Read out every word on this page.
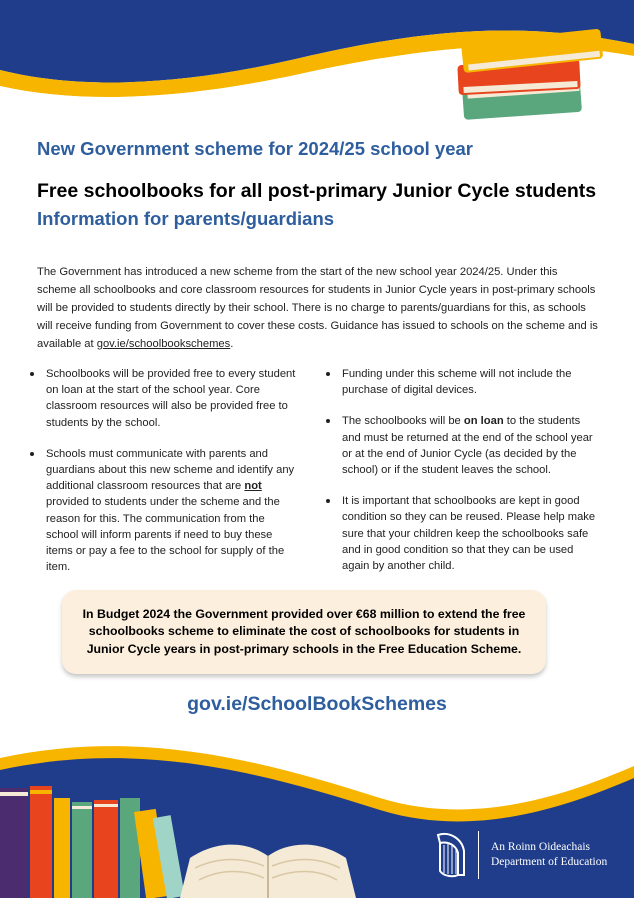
New Government scheme for 2024/25 school year
Free schoolbooks for all post-primary Junior Cycle students
Information for parents/guardians

The Government has introduced a new scheme from the start of the new school year 2024/25. Under this scheme all schoolbooks and core classroom resources for students in Junior Cycle years in post-primary schools will be provided to students directly by their school. There is no charge to parents/guardians for this, as schools will receive funding from Government to cover these costs. Guidance has issued to schools on the scheme and is available at gov.ie/schoolbookschemes.

Schoolbooks will be provided free to every student on loan at the start of the school year. Core classroom resources will also be provided free to students by the school.
Schools must communicate with parents and guardians about this new scheme and identify any additional classroom resources that are not provided to students under the scheme and the reason for this. The communication from the school will inform parents if need to buy these items or pay a fee to the school for supply of the item.
Funding under this scheme will not include the purchase of digital devices.
The schoolbooks will be on loan to the students and must be returned at the end of the school year or at the end of Junior Cycle (as decided by the school) or if the student leaves the school.
It is important that schoolbooks are kept in good condition so they can be reused. Please help make sure that your children keep the schoolbooks safe and in good condition so that they can be used again by another child.
In Budget 2024 the Government provided over €68 million to extend the free schoolbooks scheme to eliminate the cost of schoolbooks for students in Junior Cycle years in post-primary schools in the Free Education Scheme.
gov.ie/SchoolBookSchemes
An Roinn Oideachais
Department of Education
